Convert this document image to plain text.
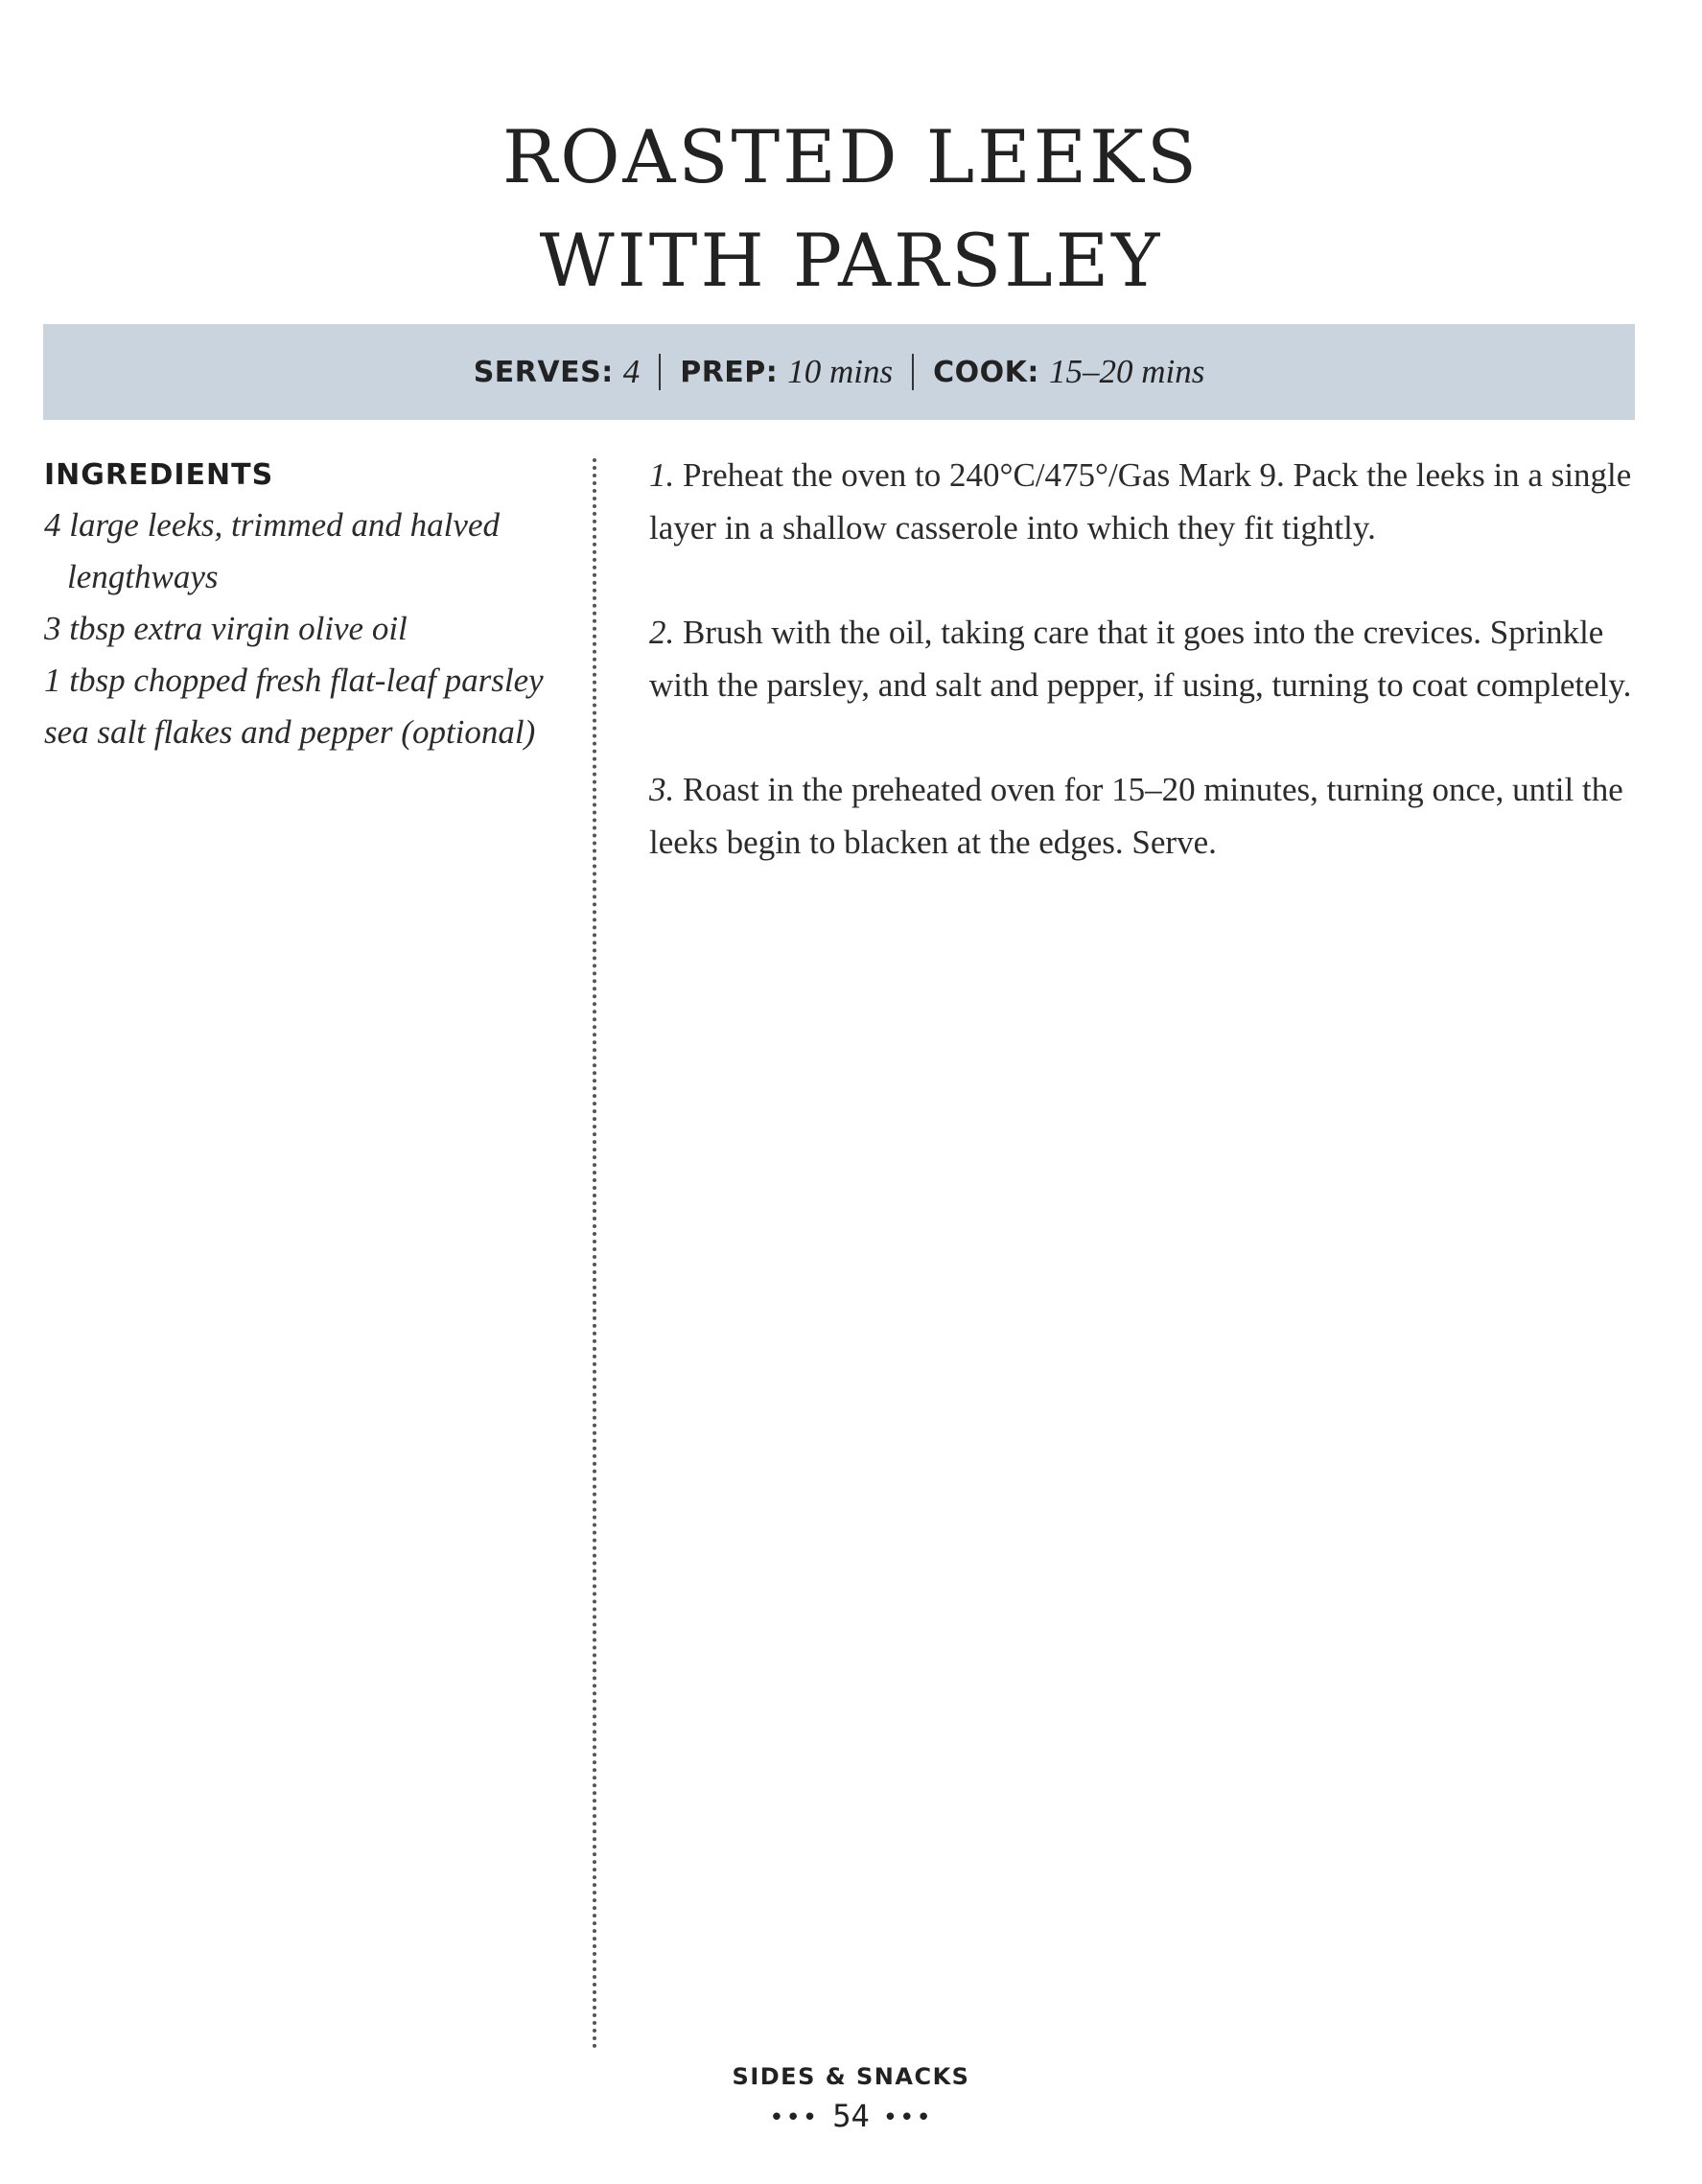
ROASTED LEEKS
WITH PARSLEY
SERVES: 4 PREP: 10 mins COOK: 15–20 mins
INGREDIENTS
4 large leeks, trimmed and halved lengthways
3 tbsp extra virgin olive oil
1 tbsp chopped fresh flat-leaf parsley
sea salt flakes and pepper (optional)

1. Preheat the oven to 240°C/475°/Gas Mark 9. Pack the leeks in a single layer in a shallow casserole into which they fit tightly.

2. Brush with the oil, taking care that it goes into the crevices. Sprinkle with the parsley, and salt and pepper, if using, turning to coat completely.

3. Roast in the preheated oven for 15–20 minutes, turning once, until the leeks begin to blacken at the edges. Serve.

SIDES & SNACKS
••• 54 •••
